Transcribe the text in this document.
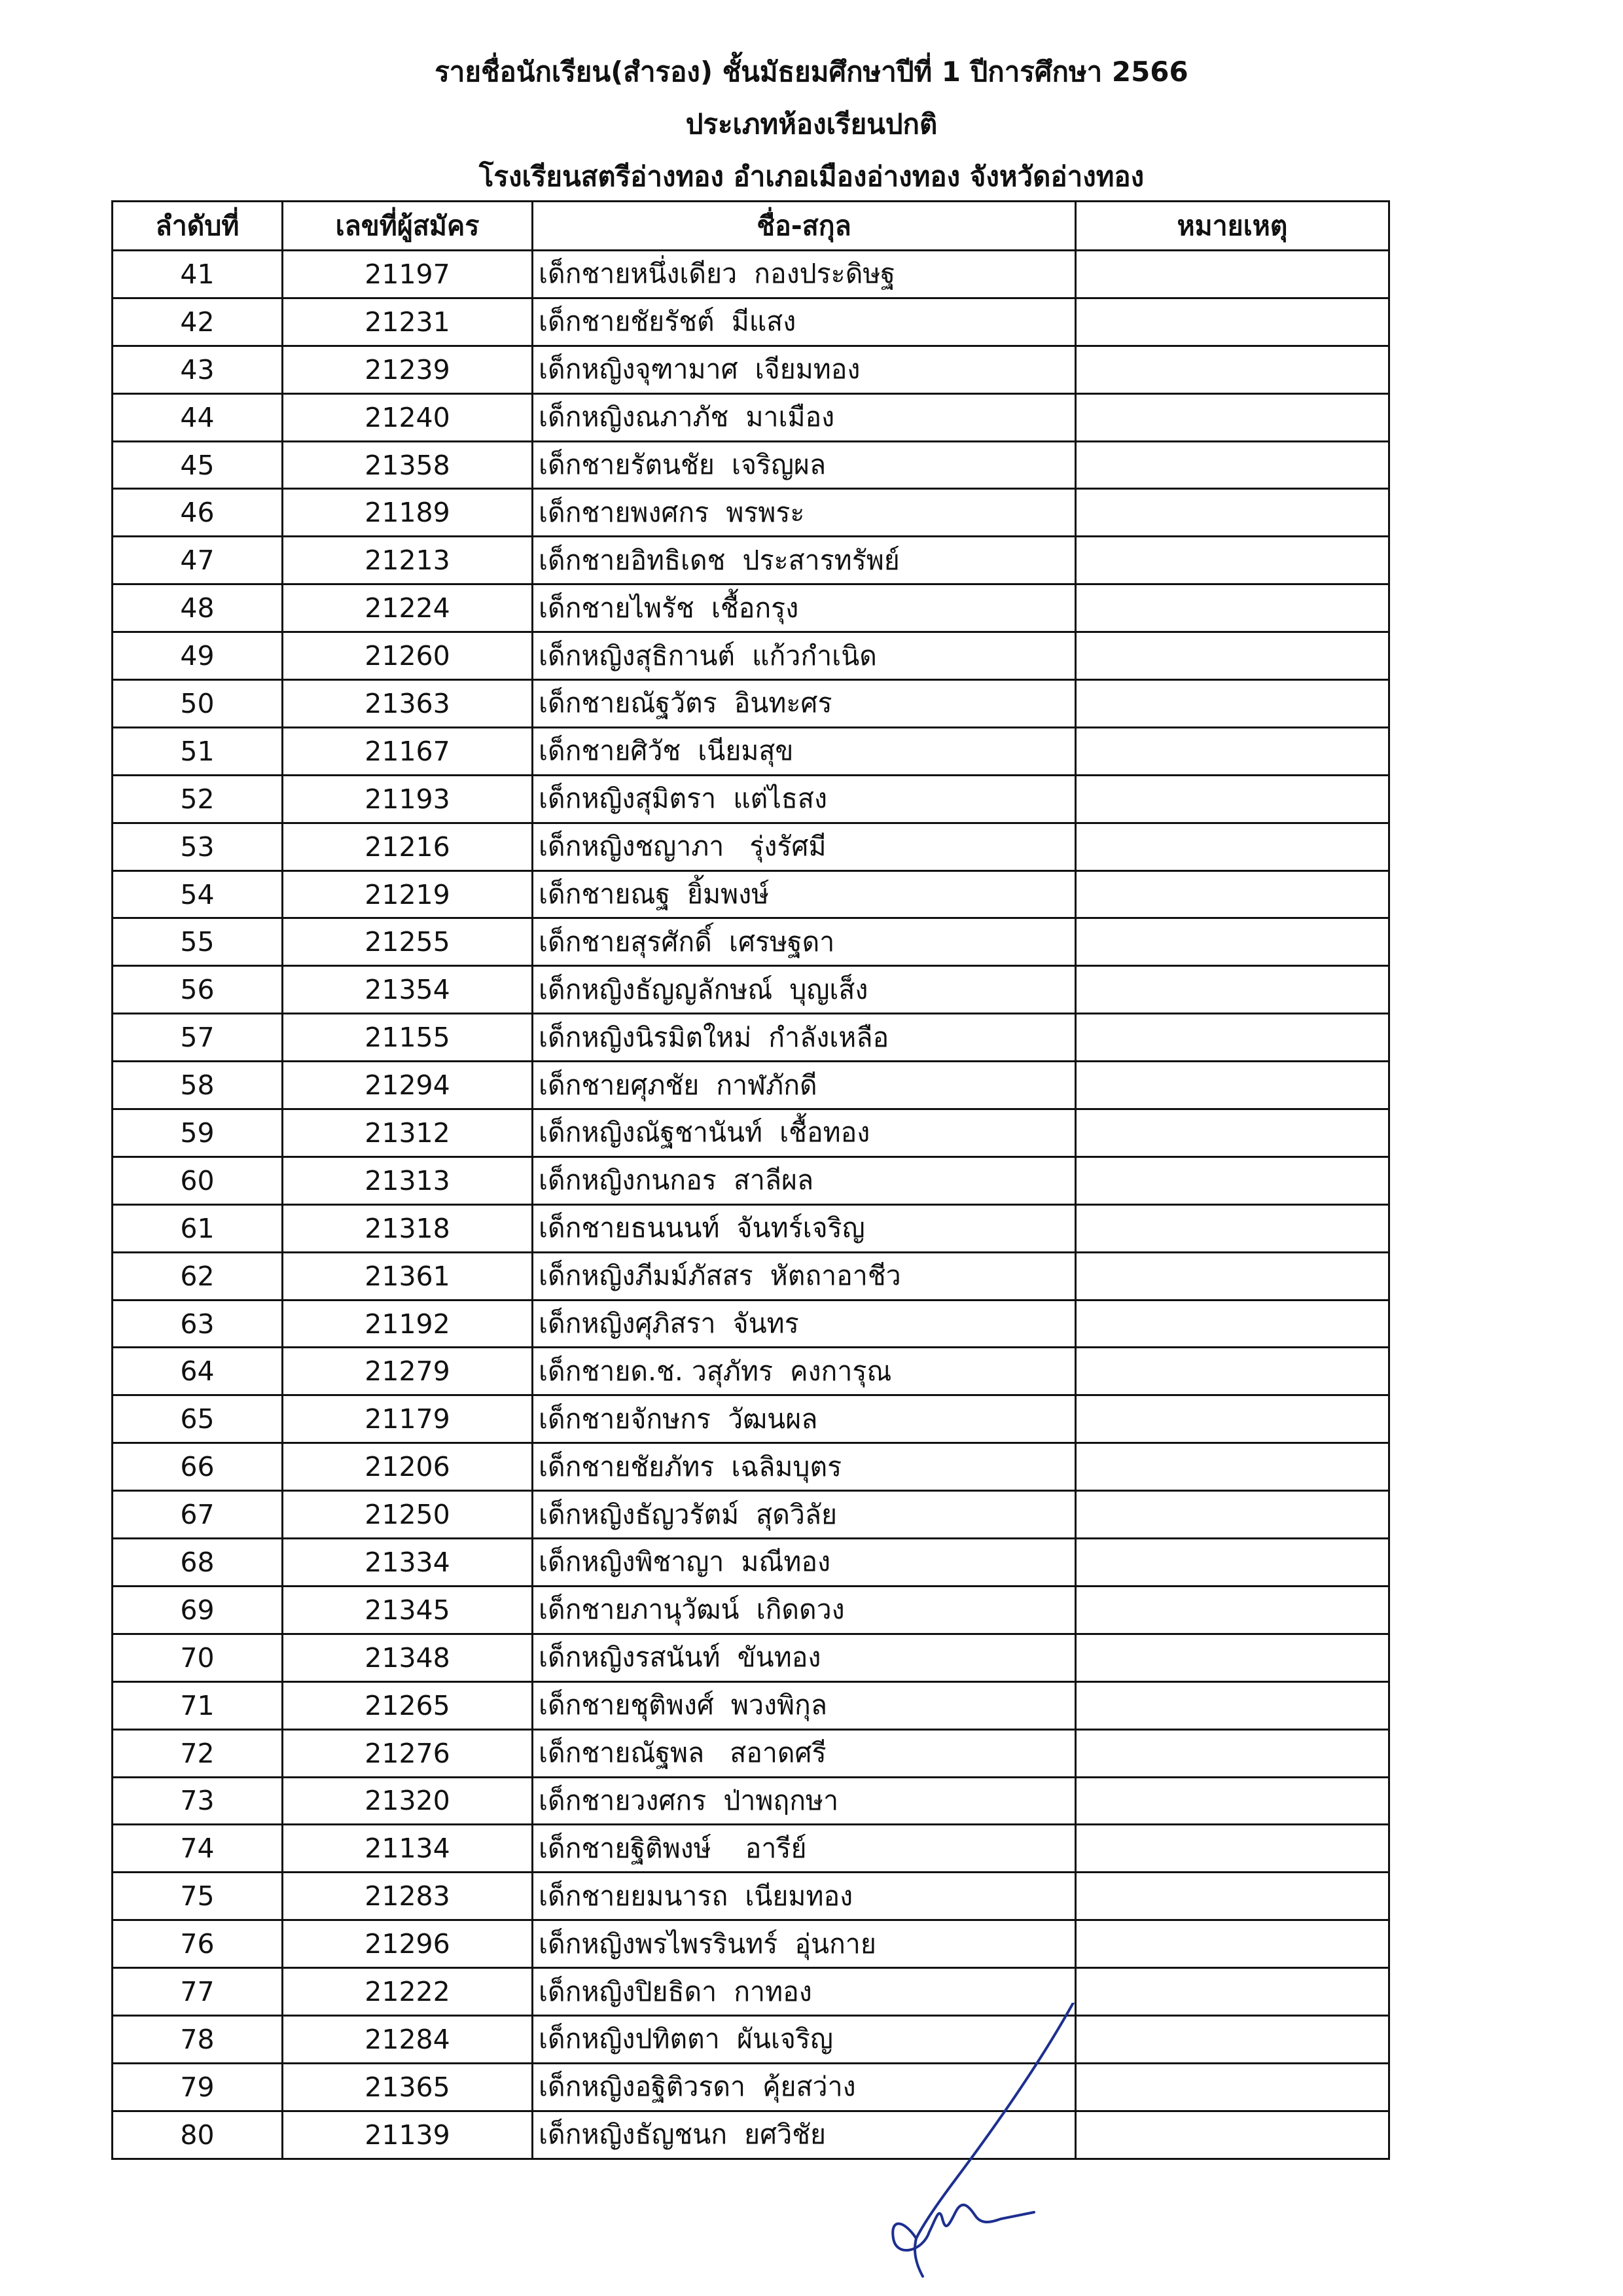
รายชื่อนักเรียน(สำรอง) ชั้นมัธยมศึกษาปีที่ 1 ปีการศึกษา 2566
ประเภทห้องเรียนปกติ
โรงเรียนสตรีอ่างทอง อำเภอเมืองอ่างทอง จังหวัดอ่างทอง
ลำดับที่	เลขที่ผู้สมัคร	ชื่อ-สกุล	หมายเหตุ
41	21197	เด็กชายหนึ่งเดียว  กองประดิษฐ	
42	21231	เด็กชายชัยรัชต์  มีแสง	
43	21239	เด็กหญิงจุฑามาศ  เจียมทอง	
44	21240	เด็กหญิงณภาภัช  มาเมือง	
45	21358	เด็กชายรัตนชัย  เจริญผล	
46	21189	เด็กชายพงศกร  พรพระ	
47	21213	เด็กชายอิทธิเดช  ประสารทรัพย์	
48	21224	เด็กชายไพรัช  เชื้อกรุง	
49	21260	เด็กหญิงสุธิกานต์  แก้วกำเนิด	
50	21363	เด็กชายณัฐวัตร  อินทะศร	
51	21167	เด็กชายศิวัช  เนียมสุข	
52	21193	เด็กหญิงสุมิตรา  แต่ไธสง	
53	21216	เด็กหญิงชญาภา   รุ่งรัศมี	
54	21219	เด็กชายณฐ  ยิ้มพงษ์	
55	21255	เด็กชายสุรศักดิ์  เศรษฐดา	
56	21354	เด็กหญิงธัญญลักษณ์  บุญเส็ง	
57	21155	เด็กหญิงนิรมิตใหม่  กำลังเหลือ	
58	21294	เด็กชายศุภชัย  กาฬภักดี	
59	21312	เด็กหญิงณัฐชานันท์  เชื้อทอง	
60	21313	เด็กหญิงกนกอร  สาลีผล	
61	21318	เด็กชายธนนนท์  จันทร์เจริญ	
62	21361	เด็กหญิงภีมม์ภัสสร  หัตถาอาชีว	
63	21192	เด็กหญิงศุภิสรา  จันทร	
64	21279	เด็กชายด.ช. วสุภัทร  คงการุณ	
65	21179	เด็กชายจักษกร  วัฒนผล	
66	21206	เด็กชายชัยภัทร  เฉลิมบุตร	
67	21250	เด็กหญิงธัญวรัตม์  สุดวิลัย	
68	21334	เด็กหญิงพิชาญา  มณีทอง	
69	21345	เด็กชายภานุวัฒน์  เกิดดวง	
70	21348	เด็กหญิงรสนันท์  ขันทอง	
71	21265	เด็กชายชุติพงศ์  พวงพิกุล	
72	21276	เด็กชายณัฐพล   สอาดศรี	
73	21320	เด็กชายวงศกร  ป่าพฤกษา	
74	21134	เด็กชายฐิติพงษ์    อารีย์	
75	21283	เด็กชายยมนารถ  เนียมทอง	
76	21296	เด็กหญิงพรไพรรินทร์  อุ่นกาย	
77	21222	เด็กหญิงปิยธิดา  กาทอง	
78	21284	เด็กหญิงปทิตตา  ผันเจริญ	
79	21365	เด็กหญิงอฐิติวรดา  คุ้ยสว่าง	
80	21139	เด็กหญิงธัญชนก  ยศวิชัย	
